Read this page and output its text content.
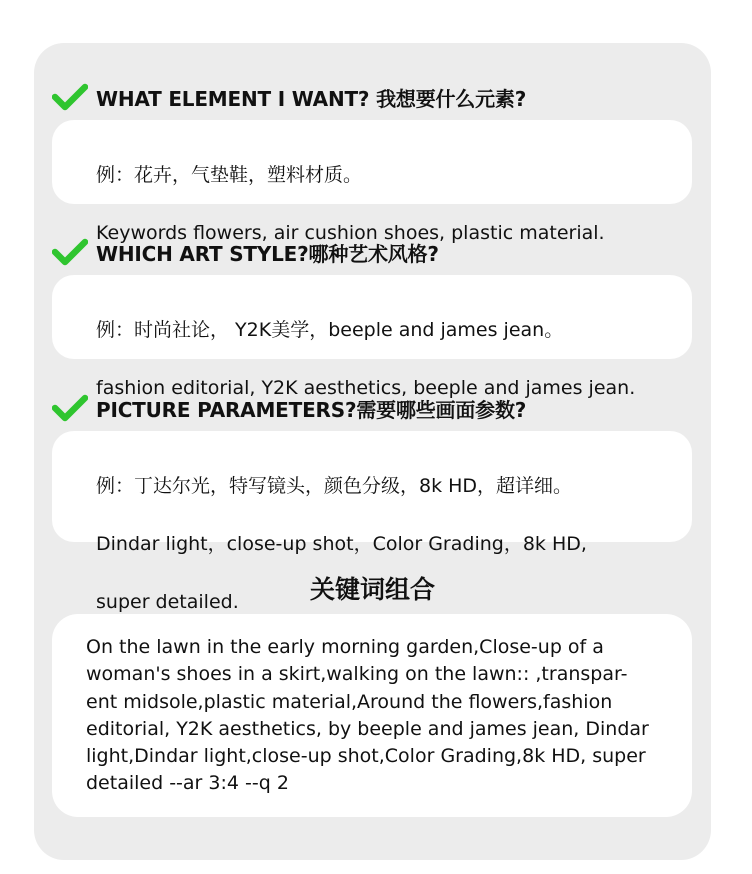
WHAT ELEMENT I WANT? 我想要什么元素?

例：花卉，气垫鞋，塑料材质。

Keywords flowers, air cushion shoes, plastic material.

WHICH ART STYLE?哪种艺术风格?

例：时尚社论， Y2K美学，beeple and james jean。

fashion editorial, Y2K aesthetics, beeple and james jean.

PICTURE PARAMETERS?需要哪些画面参数?

例：丁达尔光，特写镜头，颜色分级，8k HD，超详细。

Dindar light，close-up shot，Color Grading，8k HD,

super detailed.	关键词组合
On the lawn in the early morning garden,Close-up of a woman's shoes in a skirt,walking on the lawn:: ,transpar-ent midsole,plastic material,Around the flowers,fashion editorial, Y2K aesthetics, by beeple and james jean, Dindar light,Dindar light,close-up shot,Color Grading,8k HD, super detailed --ar 3:4 --q 2
